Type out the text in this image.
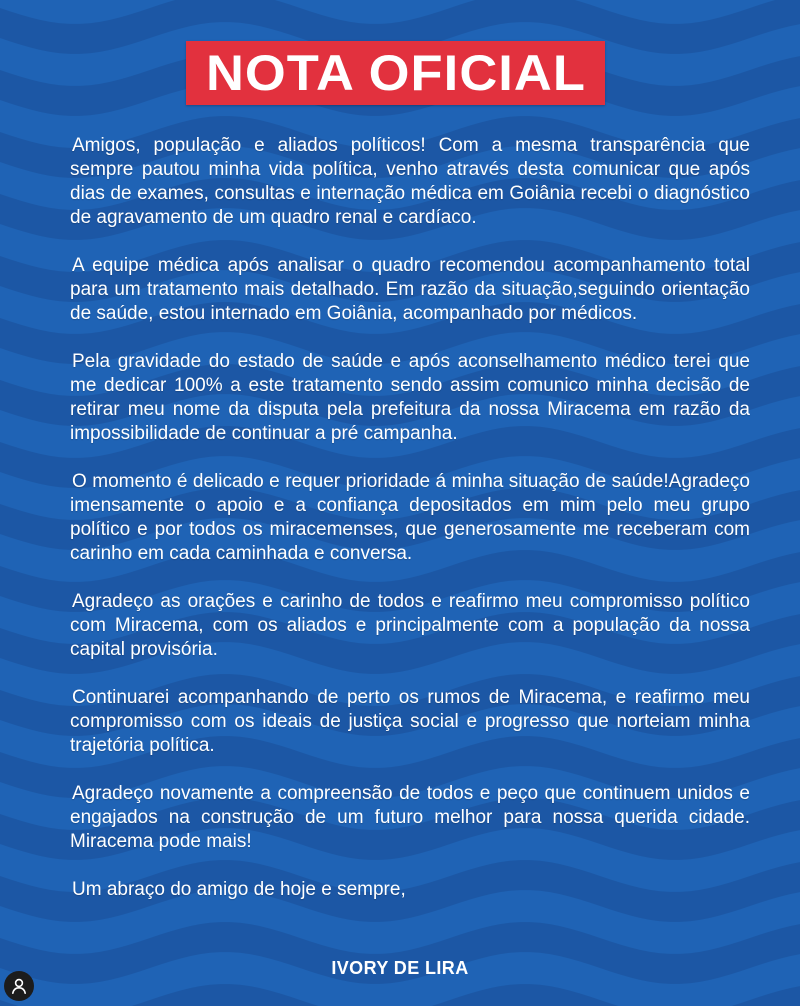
NOTA OFICIAL

Amigos, população e aliados políticos! Com a mesma transparência que sempre pautou minha vida política, venho através desta comunicar que após dias de exames, consultas e internação médica em Goiânia recebi o diagnóstico de agravamento de um quadro renal e cardíaco.

A equipe médica após analisar o quadro recomendou acompanhamento total para um tratamento mais detalhado. Em razão da situação,seguindo orientação de saúde, estou internado em Goiânia, acompanhado por médicos.

Pela gravidade do estado de saúde e após aconselhamento médico terei que me dedicar 100% a este tratamento sendo assim comunico minha decisão de retirar meu nome da disputa pela prefeitura da nossa Miracema em razão da impossibilidade de continuar a pré campanha.

O momento é delicado e requer prioridade á minha situação de saúde!Agradeço imensamente o apoio e a confiança depositados em mim pelo meu grupo político e por todos os miracemenses, que generosamente me receberam com carinho em cada caminhada e conversa.

Agradeço as orações e carinho de todos e reafirmo meu compromisso político com Miracema, com os aliados e principalmente com a população da nossa capital provisória.

Continuarei acompanhando de perto os rumos de Miracema, e reafirmo meu compromisso com os ideais de justiça social e progresso que norteiam minha trajetória política.

Agradeço novamente a compreensão de todos e peço que continuem unidos e engajados na construção de um futuro melhor para nossa querida cidade. Miracema pode mais!

Um abraço do amigo de hoje e sempre,

IVORY DE LIRA
